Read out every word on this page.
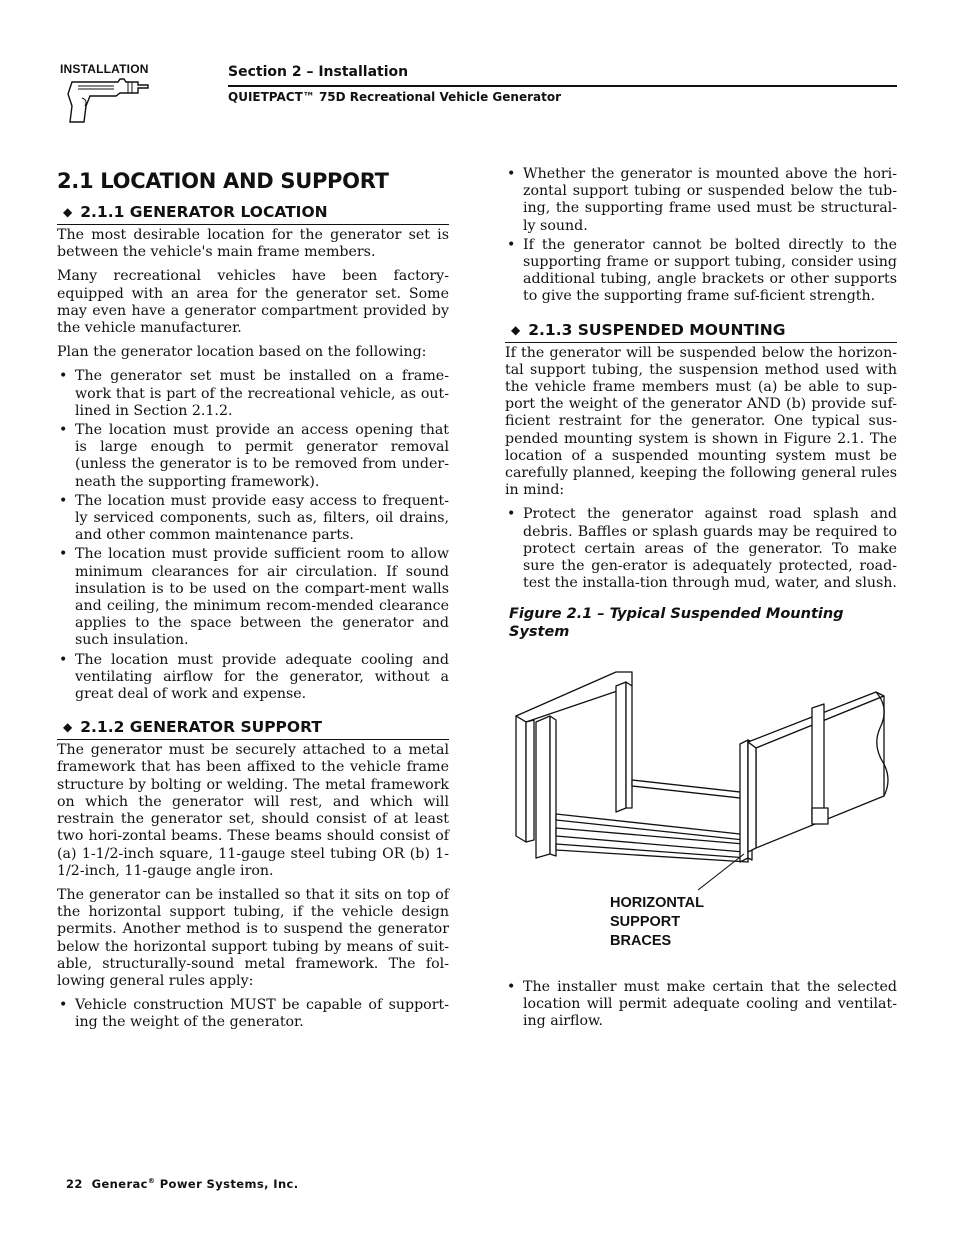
INSTALLATION	Section 2 – Installation
QUIETPACT™ 75D Recreational Vehicle Generator
2.1 LOCATION AND SUPPORT
◆ 2.1.1 GENERATOR LOCATION

The most desirable location for the generator set is between the vehicle's main frame members.

Many recreational vehicles have been factory-equipped with an area for the generator set. Some may even have a generator compartment provided by the vehicle manufacturer.

Plan the generator location based on the following:

• The generator set must be installed on a frame-work that is part of the recreational vehicle, as out-lined in Section 2.1.2.
• The location must provide an access opening that is large enough to permit generator removal (unless the generator is to be removed from under-neath the supporting framework).
• The location must provide easy access to frequent-ly serviced components, such as, filters, oil drains, and other common maintenance parts.
• The location must provide sufficient room to allow minimum clearances for air circulation. If sound insulation is to be used on the compart-ment walls and ceiling, the minimum recom-mended clearance applies to the space between the generator and such insulation.
• The location must provide adequate cooling and ventilating airflow for the generator, without a great deal of work and expense.
◆ 2.1.2 GENERATOR SUPPORT

The generator must be securely attached to a metal framework that has been affixed to the vehicle frame structure by bolting or welding. The metal framework on which the generator will rest, and which will restrain the generator set, should consist of at least two hori-zontal beams. These beams should consist of (a) 1-1/2-inch square, 11-gauge steel tubing OR (b) 1-1/2-inch, 11-gauge angle iron.

The generator can be installed so that it sits on top of the horizontal support tubing, if the vehicle design permits. Another method is to suspend the generator below the horizontal support tubing by means of suit-able, structurally-sound metal framework. The fol-lowing general rules apply:

• Vehicle construction MUST be capable of support-ing the weight of the generator.
• Whether the generator is mounted above the hori-zontal support tubing or suspended below the tub-ing, the supporting frame used must be structural-ly sound.
• If the generator cannot be bolted directly to the supporting frame or support tubing, consider using additional tubing, angle brackets or other supports to give the supporting frame suf-ficient strength.
◆ 2.1.3 SUSPENDED MOUNTING

If the generator will be suspended below the horizon-tal support tubing, the suspension method used with the vehicle frame members must (a) be able to sup-port the weight of the generator AND (b) provide suf-ficient restraint for the generator. One typical sus-pended mounting system is shown in Figure 2.1. The location of a suspended mounting system must be carefully planned, keeping the following general rules in mind:

• Protect the generator against road splash and debris. Baffles or splash guards may be required to protect certain areas of the generator. To make sure the gen-erator is adequately protected, road-test the installa-tion through mud, water, and slush.
Figure 2.1 – Typical Suspended Mounting System
HORIZONTAL
SUPPORT
BRACES
• The installer must make certain that the selected location will permit adequate cooling and ventilat-ing airflow.
22 Generac® Power Systems, Inc.
